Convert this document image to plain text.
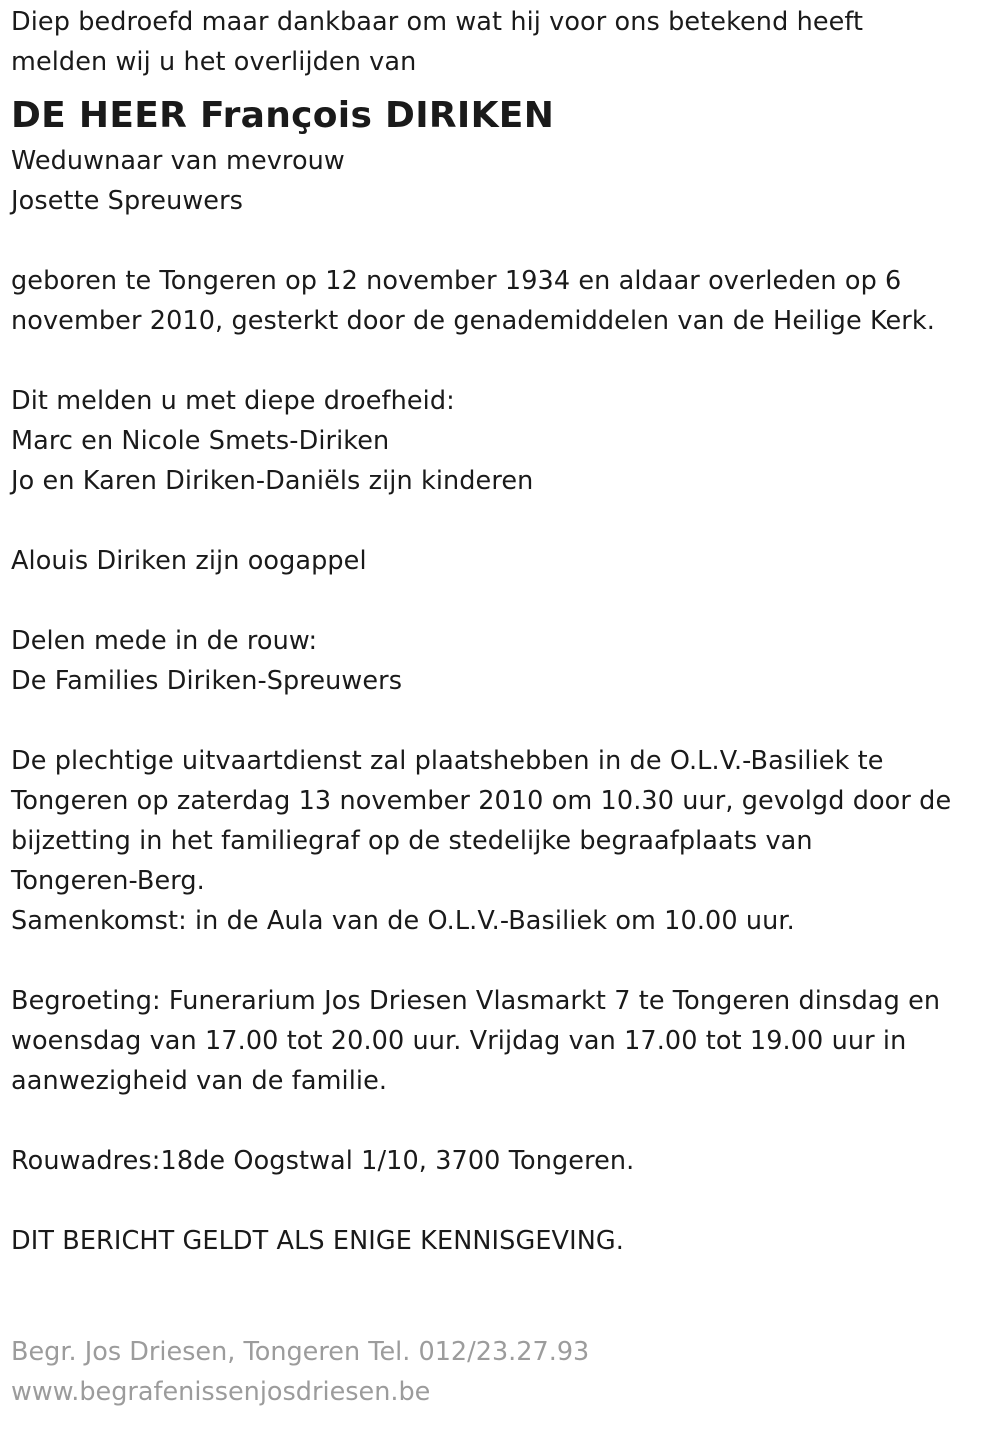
Diep bedroefd maar dankbaar om wat hij voor ons betekend heeft
melden wij u het overlijden van
DE HEER François DIRIKEN
Weduwnaar van mevrouw
Josette Spreuwers
geboren te Tongeren op 12 november 1934 en aldaar overleden op 6
november 2010, gesterkt door de genademiddelen van de Heilige Kerk.
Dit melden u met diepe droefheid:
Marc en Nicole Smets-Diriken
Jo en Karen Diriken-Daniëls zijn kinderen
Alouis Diriken zijn oogappel
Delen mede in de rouw:
De Families Diriken-Spreuwers
De plechtige uitvaartdienst zal plaatshebben in de O.L.V.-Basiliek te
Tongeren op zaterdag 13 november 2010 om 10.30 uur, gevolgd door de
bijzetting in het familiegraf op de stedelijke begraafplaats van
Tongeren-Berg.
Samenkomst: in de Aula van de O.L.V.-Basiliek om 10.00 uur.
Begroeting: Funerarium Jos Driesen Vlasmarkt 7 te Tongeren dinsdag en
woensdag van 17.00 tot 20.00 uur. Vrijdag van 17.00 tot 19.00 uur in
aanwezigheid van de familie.
Rouwadres:18de Oogstwal 1/10, 3700 Tongeren.
DIT BERICHT GELDT ALS ENIGE KENNISGEVING.
Begr. Jos Driesen, Tongeren Tel. 012/23.27.93
www.begrafenissenjosdriesen.be
